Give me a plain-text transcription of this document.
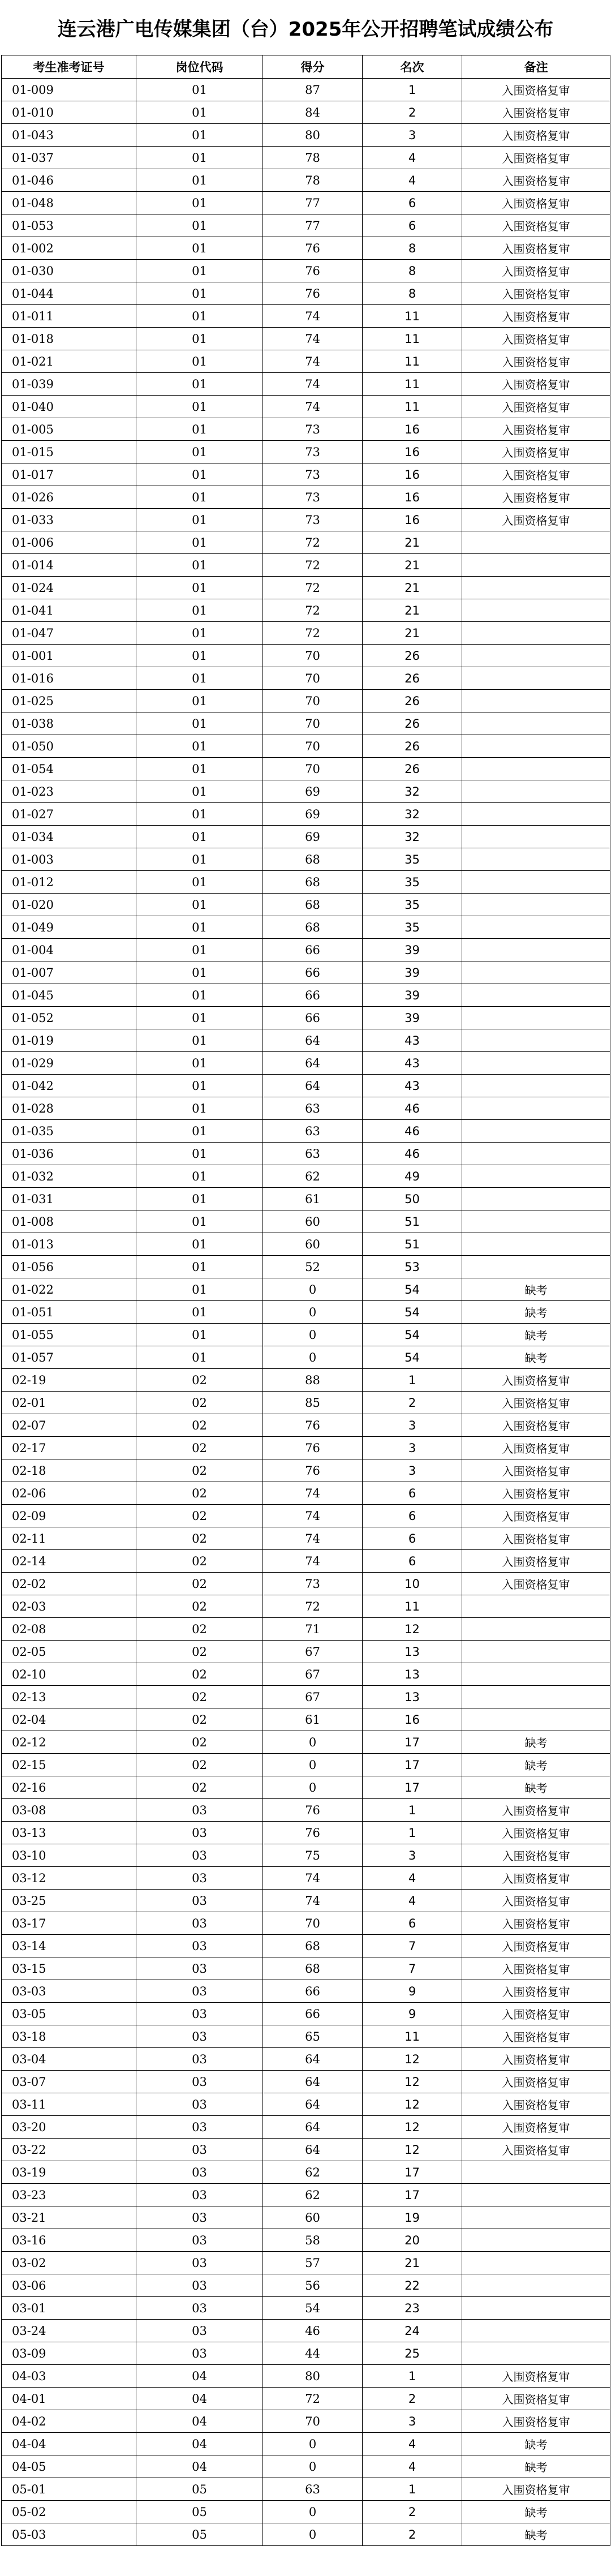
连云港广电传媒集团（台）2025年公开招聘笔试成绩公布
考生准考证号	岗位代码	得分	名次	备注
01-009	01	87	1	入围资格复审
01-010	01	84	2	入围资格复审
01-043	01	80	3	入围资格复审
01-037	01	78	4	入围资格复审
01-046	01	78	4	入围资格复审
01-048	01	77	6	入围资格复审
01-053	01	77	6	入围资格复审
01-002	01	76	8	入围资格复审
01-030	01	76	8	入围资格复审
01-044	01	76	8	入围资格复审
01-011	01	74	11	入围资格复审
01-018	01	74	11	入围资格复审
01-021	01	74	11	入围资格复审
01-039	01	74	11	入围资格复审
01-040	01	74	11	入围资格复审
01-005	01	73	16	入围资格复审
01-015	01	73	16	入围资格复审
01-017	01	73	16	入围资格复审
01-026	01	73	16	入围资格复审
01-033	01	73	16	入围资格复审
01-006	01	72	21	
01-014	01	72	21	
01-024	01	72	21	
01-041	01	72	21	
01-047	01	72	21	
01-001	01	70	26	
01-016	01	70	26	
01-025	01	70	26	
01-038	01	70	26	
01-050	01	70	26	
01-054	01	70	26	
01-023	01	69	32	
01-027	01	69	32	
01-034	01	69	32	
01-003	01	68	35	
01-012	01	68	35	
01-020	01	68	35	
01-049	01	68	35	
01-004	01	66	39	
01-007	01	66	39	
01-045	01	66	39	
01-052	01	66	39	
01-019	01	64	43	
01-029	01	64	43	
01-042	01	64	43	
01-028	01	63	46	
01-035	01	63	46	
01-036	01	63	46	
01-032	01	62	49	
01-031	01	61	50	
01-008	01	60	51	
01-013	01	60	51	
01-056	01	52	53	
01-022	01	0	54	缺考
01-051	01	0	54	缺考
01-055	01	0	54	缺考
01-057	01	0	54	缺考
02-19	02	88	1	入围资格复审
02-01	02	85	2	入围资格复审
02-07	02	76	3	入围资格复审
02-17	02	76	3	入围资格复审
02-18	02	76	3	入围资格复审
02-06	02	74	6	入围资格复审
02-09	02	74	6	入围资格复审
02-11	02	74	6	入围资格复审
02-14	02	74	6	入围资格复审
02-02	02	73	10	入围资格复审
02-03	02	72	11	
02-08	02	71	12	
02-05	02	67	13	
02-10	02	67	13	
02-13	02	67	13	
02-04	02	61	16	
02-12	02	0	17	缺考
02-15	02	0	17	缺考
02-16	02	0	17	缺考
03-08	03	76	1	入围资格复审
03-13	03	76	1	入围资格复审
03-10	03	75	3	入围资格复审
03-12	03	74	4	入围资格复审
03-25	03	74	4	入围资格复审
03-17	03	70	6	入围资格复审
03-14	03	68	7	入围资格复审
03-15	03	68	7	入围资格复审
03-03	03	66	9	入围资格复审
03-05	03	66	9	入围资格复审
03-18	03	65	11	入围资格复审
03-04	03	64	12	入围资格复审
03-07	03	64	12	入围资格复审
03-11	03	64	12	入围资格复审
03-20	03	64	12	入围资格复审
03-22	03	64	12	入围资格复审
03-19	03	62	17	
03-23	03	62	17	
03-21	03	60	19	
03-16	03	58	20	
03-02	03	57	21	
03-06	03	56	22	
03-01	03	54	23	
03-24	03	46	24	
03-09	03	44	25	
04-03	04	80	1	入围资格复审
04-01	04	72	2	入围资格复审
04-02	04	70	3	入围资格复审
04-04	04	0	4	缺考
04-05	04	0	4	缺考
05-01	05	63	1	入围资格复审
05-02	05	0	2	缺考
05-03	05	0	2	缺考
